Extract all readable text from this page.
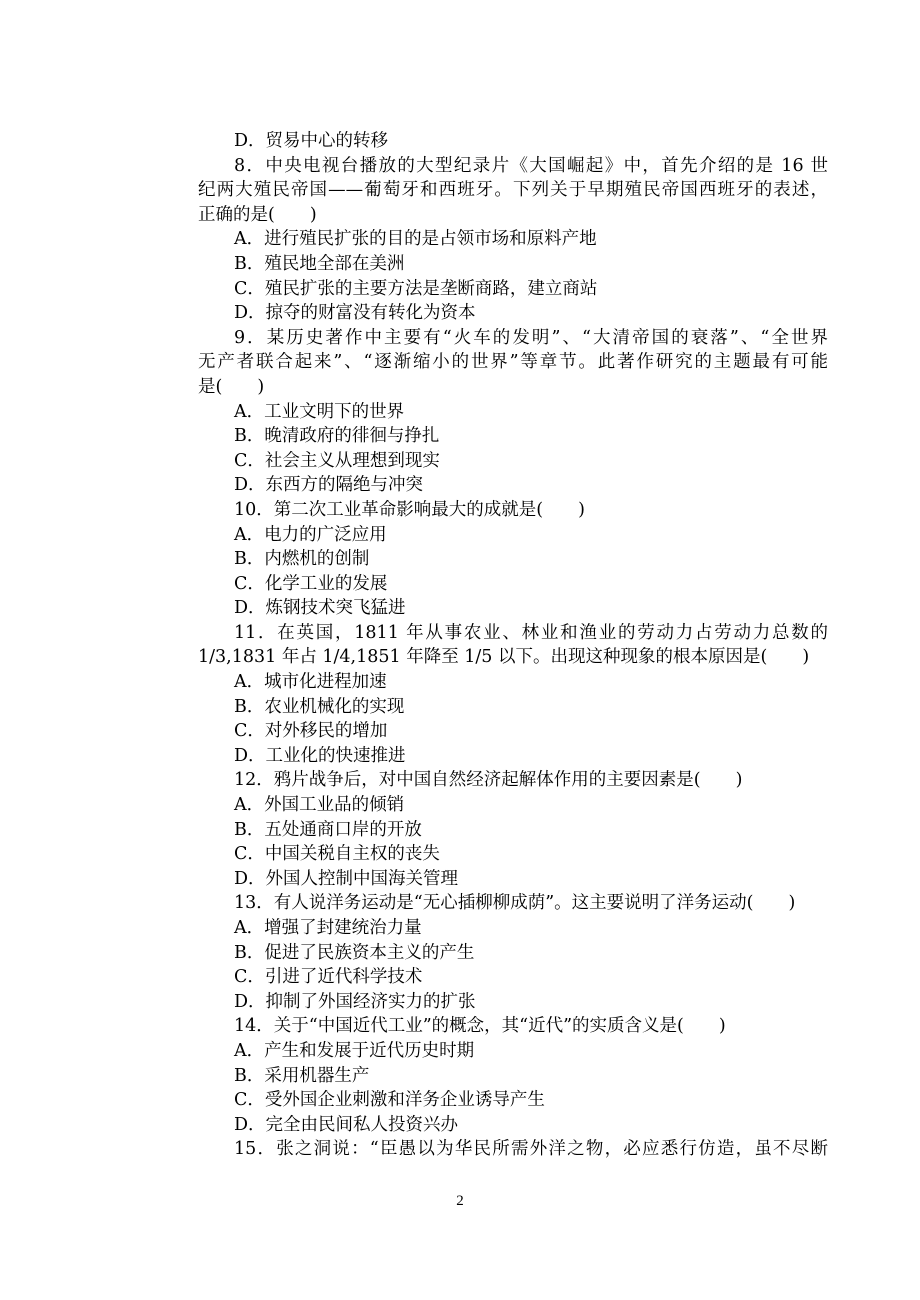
D．贸易中心的转移
8．中央电视台播放的大型纪录片《大国崛起》中，首先介绍的是 16 世
纪两大殖民帝国——葡萄牙和西班牙。下列关于早期殖民帝国西班牙的表述，
正确的是(　　)
A．进行殖民扩张的目的是占领市场和原料产地
B．殖民地全部在美洲
C．殖民扩张的主要方法是垄断商路，建立商站
D．掠夺的财富没有转化为资本
9．某历史著作中主要有“火车的发明”、“大清帝国的衰落”、“全世界
无产者联合起来”、“逐渐缩小的世界”等章节。此著作研究的主题最有可能
是(　　)
A．工业文明下的世界
B．晚清政府的徘徊与挣扎
C．社会主义从理想到现实
D．东西方的隔绝与冲突
10．第二次工业革命影响最大的成就是(　　)
A．电力的广泛应用
B．内燃机的创制
C．化学工业的发展
D．炼钢技术突飞猛进
11．在英国，1811 年从事农业、林业和渔业的劳动力占劳动力总数的
1/3,1831 年占 1/4,1851 年降至 1/5 以下。出现这种现象的根本原因是(　　)
A．城市化进程加速
B．农业机械化的实现
C．对外移民的增加
D．工业化的快速推进
12．鸦片战争后，对中国自然经济起解体作用的主要因素是(　　)
A．外国工业品的倾销
B．五处通商口岸的开放
C．中国关税自主权的丧失
D．外国人控制中国海关管理
13．有人说洋务运动是“无心插柳柳成荫”。这主要说明了洋务运动(　　)
A．增强了封建统治力量
B．促进了民族资本主义的产生
C．引进了近代科学技术
D．抑制了外国经济实力的扩张
14．关于“中国近代工业”的概念，其“近代”的实质含义是(　　)
A．产生和发展于近代历史时期
B．采用机器生产
C．受外国企业刺激和洋务企业诱导产生
D．完全由民间私人投资兴办
15．张之洞说：“臣愚以为华民所需外洋之物，必应悉行仿造，虽不尽断
2
